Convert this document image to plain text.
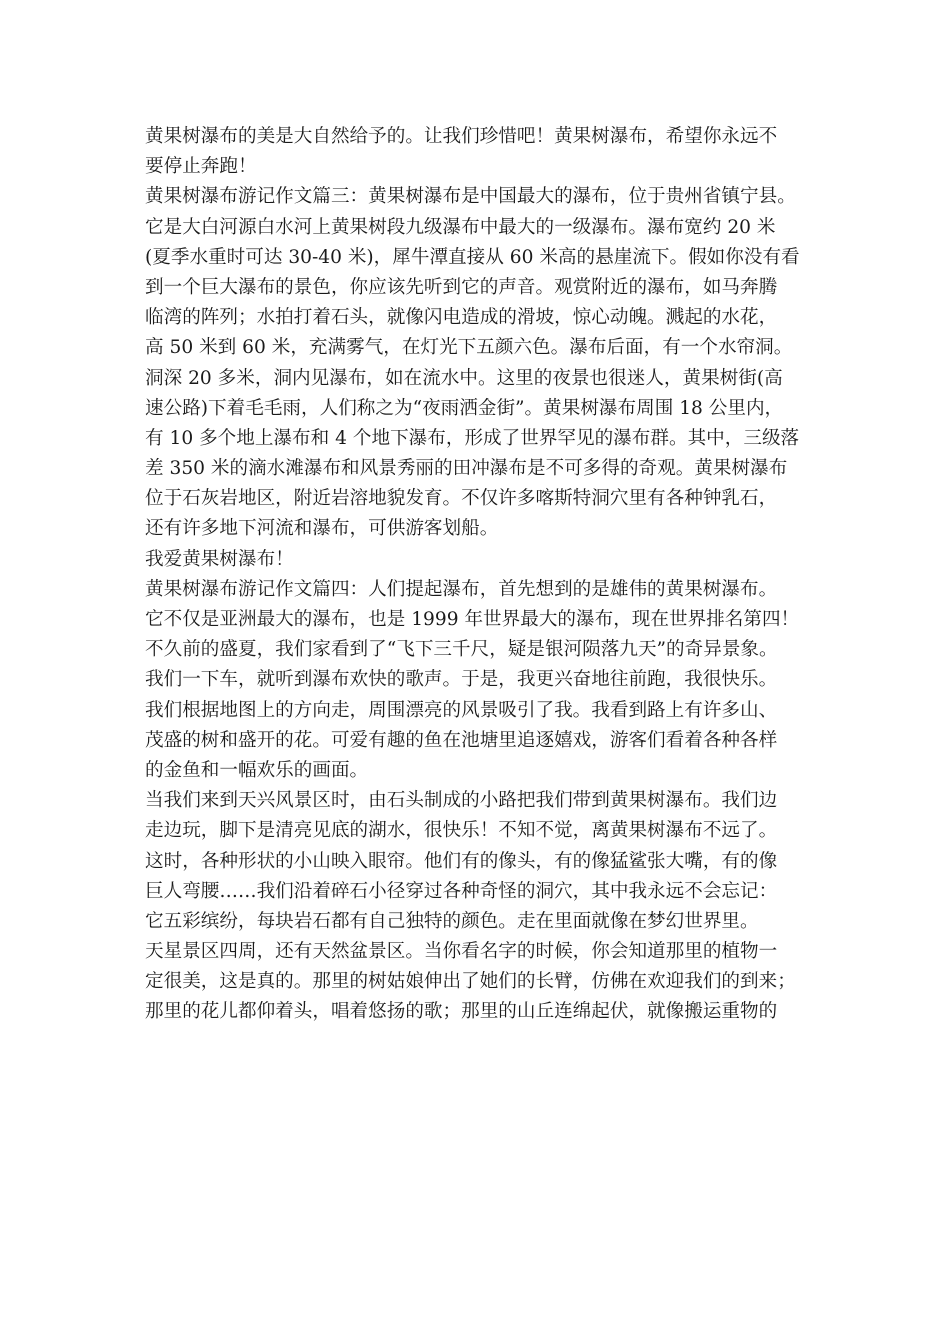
黄果树瀑布的美是大自然给予的。让我们珍惜吧！黄果树瀑布，希望你永远不
要停止奔跑！
黄果树瀑布游记作文篇三：黄果树瀑布是中国最大的瀑布，位于贵州省镇宁县。
它是大白河源白水河上黄果树段九级瀑布中最大的一级瀑布。瀑布宽约 20 米
(夏季水重时可达 30-40 米)，犀牛潭直接从 60 米高的悬崖流下。假如你没有看
到一个巨大瀑布的景色，你应该先听到它的声音。观赏附近的瀑布，如马奔腾
临湾的阵列；水拍打着石头，就像闪电造成的滑坡，惊心动魄。溅起的水花，
高 50 米到 60 米，充满雾气，在灯光下五颜六色。瀑布后面，有一个水帘洞。
洞深 20 多米，洞内见瀑布，如在流水中。这里的夜景也很迷人，黄果树街(高
速公路)下着毛毛雨，人们称之为“夜雨洒金街”。黄果树瀑布周围 18 公里内，
有 10 多个地上瀑布和 4 个地下瀑布，形成了世界罕见的瀑布群。其中，三级落
差 350 米的滴水滩瀑布和风景秀丽的田冲瀑布是不可多得的奇观。黄果树瀑布
位于石灰岩地区，附近岩溶地貌发育。不仅许多喀斯特洞穴里有各种钟乳石，
还有许多地下河流和瀑布，可供游客划船。
我爱黄果树瀑布！
黄果树瀑布游记作文篇四：人们提起瀑布，首先想到的是雄伟的黄果树瀑布。
它不仅是亚洲最大的瀑布，也是 1999 年世界最大的瀑布，现在世界排名第四！
不久前的盛夏，我们家看到了“飞下三千尺，疑是银河陨落九天”的奇异景象。
我们一下车，就听到瀑布欢快的歌声。于是，我更兴奋地往前跑，我很快乐。
我们根据地图上的方向走，周围漂亮的风景吸引了我。我看到路上有许多山、
茂盛的树和盛开的花。可爱有趣的鱼在池塘里追逐嬉戏，游客们看着各种各样
的金鱼和一幅欢乐的画面。
当我们来到天兴风景区时，由石头制成的小路把我们带到黄果树瀑布。我们边
走边玩，脚下是清亮见底的湖水，很快乐！不知不觉，离黄果树瀑布不远了。
这时，各种形状的小山映入眼帘。他们有的像头，有的像猛鲨张大嘴，有的像
巨人弯腰……我们沿着碎石小径穿过各种奇怪的洞穴，其中我永远不会忘记：
它五彩缤纷，每块岩石都有自己独特的颜色。走在里面就像在梦幻世界里。
天星景区四周，还有天然盆景区。当你看名字的时候，你会知道那里的植物一
定很美，这是真的。那里的树姑娘伸出了她们的长臂，仿佛在欢迎我们的到来；
那里的花儿都仰着头，唱着悠扬的歌；那里的山丘连绵起伏，就像搬运重物的
